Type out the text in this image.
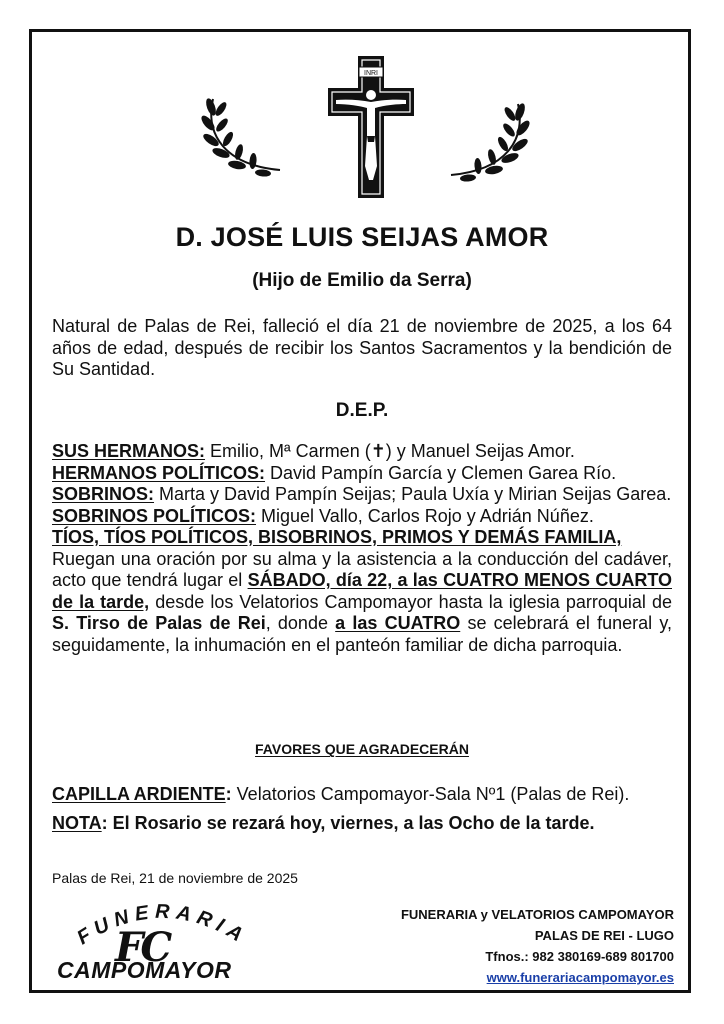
INRI
D. JOSÉ LUIS SEIJAS AMOR
(Hijo de Emilio da Serra)
Natural de Palas de Rei, falleció el día 21 de noviembre de 2025, a los 64 años de edad, después de recibir los Santos Sacramentos y la bendición de Su Santidad.
D.E.P.
SUS HERMANOS: Emilio, Mª Carmen (✝) y Manuel Seijas Amor.
HERMANOS POLÍTICOS: David Pampín García y Clemen Garea Río.
SOBRINOS: Marta y David Pampín Seijas; Paula Uxía y Mirian Seijas Garea.
SOBRINOS POLÍTICOS: Miguel Vallo, Carlos Rojo y Adrián Núñez.
TÍOS, TÍOS POLÍTICOS, BISOBRINOS, PRIMOS Y DEMÁS FAMILIA,
Ruegan una oración por su alma y la asistencia a la conducción del cadáver, acto que tendrá lugar el SÁBADO, día 22, a las CUATRO MENOS CUARTO de la tarde, desde los Velatorios Campomayor hasta la iglesia parroquial de S. Tirso de Palas de Rei, donde a las CUATRO se celebrará el funeral y, seguidamente, la inhumación en el panteón familiar de dicha parroquia.
FAVORES QUE AGRADECERÁN
CAPILLA ARDIENTE: Velatorios Campomayor-Sala Nº1 (Palas de Rei).
NOTA: El Rosario se rezará hoy, viernes, a las Ocho de la tarde.
Palas de Rei, 21 de noviembre de 2025
FUNERARIA
FC
CAMPOMAYOR
FUNERARIA y VELATORIOS CAMPOMAYOR
PALAS DE REI - LUGO
Tfnos.: 982 380169-689 801700
www.funerariacampomayor.es
